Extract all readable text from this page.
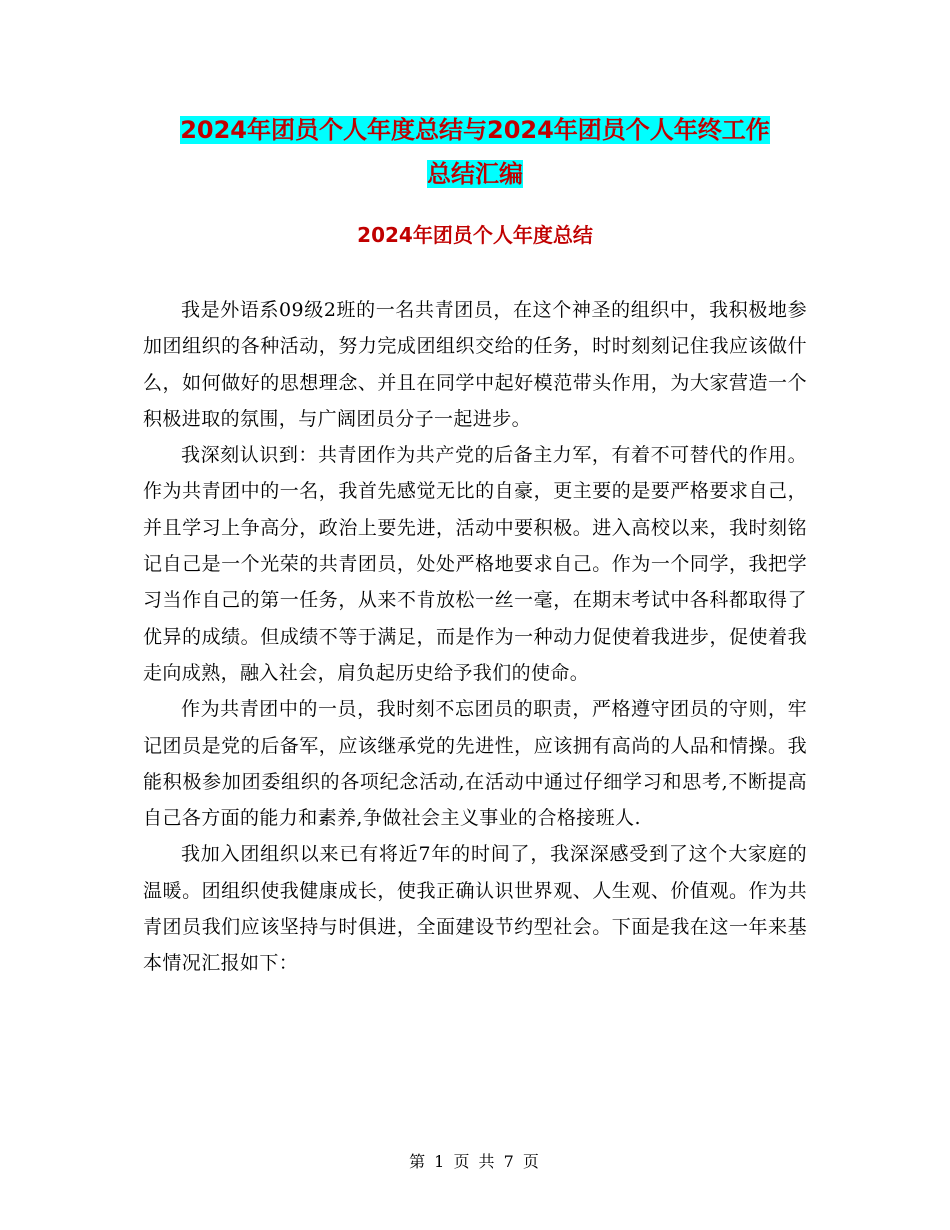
2024年团员个人年度总结与2024年团员个人年终工作
总结汇编
2024年团员个人年度总结

我是外语系09级2班的一名共青团员，在这个神圣的组织中，我积极地参加团组织的各种活动，努力完成团组织交给的任务，时时刻刻记住我应该做什么，如何做好的思想理念、并且在同学中起好模范带头作用，为大家营造一个积极进取的氛围，与广阔团员分子一起进步。

我深刻认识到：共青团作为共产党的后备主力军，有着不可替代的作用。作为共青团中的一名，我首先感觉无比的自豪，更主要的是要严格要求自己，并且学习上争高分，政治上要先进，活动中要积极。进入高校以来，我时刻铭记自己是一个光荣的共青团员，处处严格地要求自己。作为一个同学，我把学习当作自己的第一任务，从来不肯放松一丝一毫，在期末考试中各科都取得了优异的成绩。但成绩不等于满足，而是作为一种动力促使着我进步，促使着我走向成熟，融入社会，肩负起历史给予我们的使命。

作为共青团中的一员，我时刻不忘团员的职责，严格遵守团员的守则，牢记团员是党的后备军，应该继承党的先进性，应该拥有高尚的人品和情操。我能积极参加团委组织的各项纪念活动,在活动中通过仔细学习和思考,不断提高自己各方面的能力和素养,争做社会主义事业的合格接班人.

我加入团组织以来已有将近7年的时间了，我深深感受到了这个大家庭的温暖。团组织使我健康成长，使我正确认识世界观、人生观、价值观。作为共青团员我们应该坚持与时俱进，全面建设节约型社会。下面是我在这一年来基本情况汇报如下：

第 1 页 共 7 页
